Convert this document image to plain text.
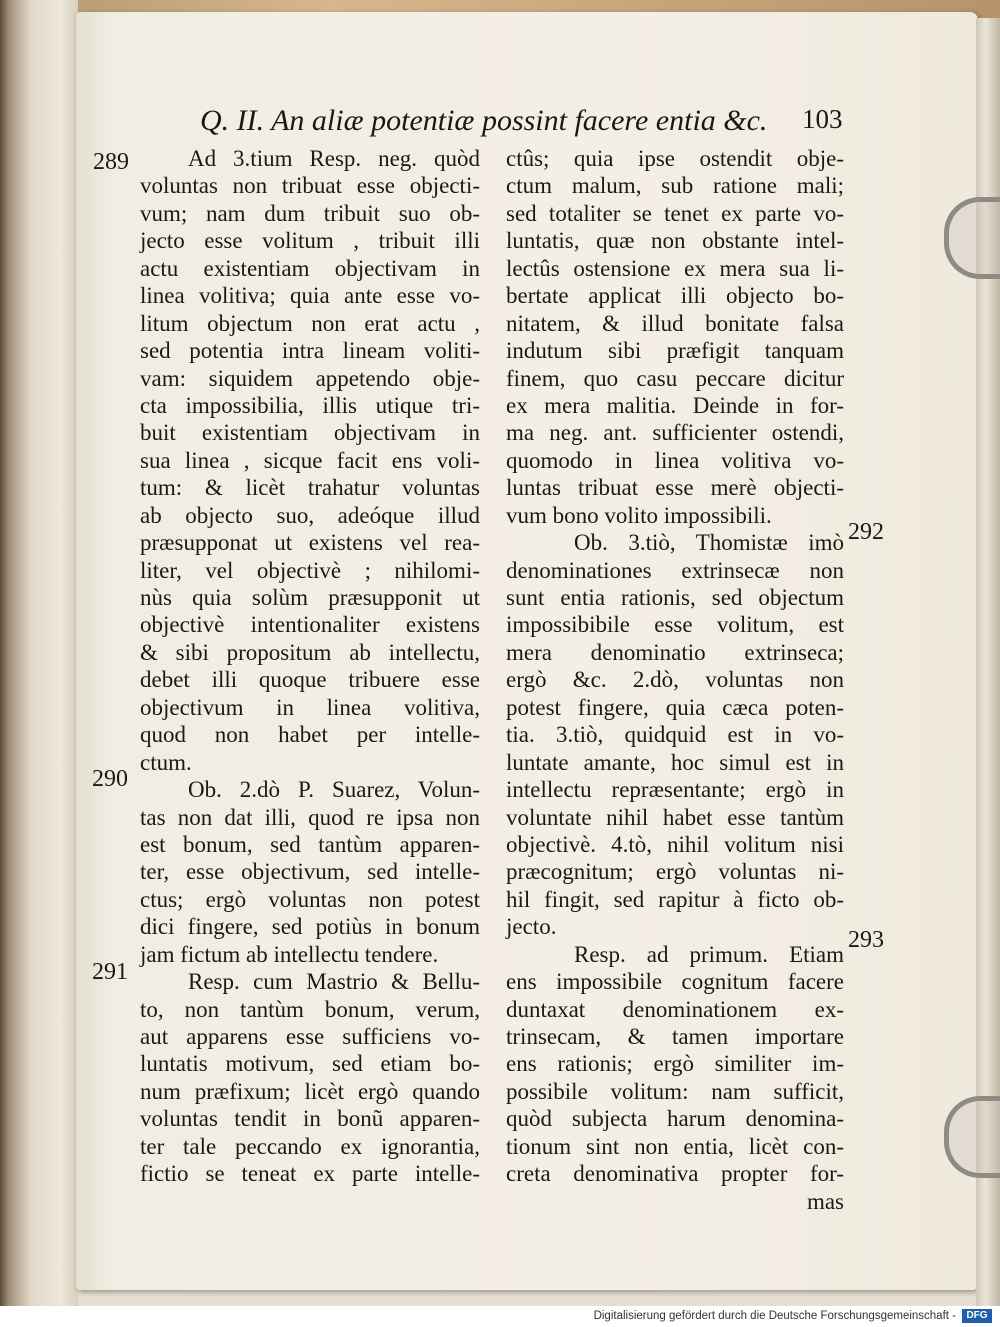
Q. II. An aliæ potentiæ possint facere entia &c. 103
289
290
291
292
293
Ad 3.tium Resp. neg. quòd
voluntas non tribuat esse objecti-
vum; nam dum tribuit suo ob-
jecto esse volitum , tribuit illi
actu existentiam objectivam in
linea volitiva; quia ante esse vo-
litum objectum non erat actu ,
sed potentia intra lineam voliti-
vam: siquidem appetendo obje-
cta impossibilia, illis utique tri-
buit existentiam objectivam in
sua linea , sicque facit ens voli-
tum: & licèt trahatur voluntas
ab objecto suo, adeóque illud
præsupponat ut existens vel rea-
liter, vel objectivè ; nihilomi-
nùs quia solùm præsupponit ut
objectivè intentionaliter existens
& sibi propositum ab intellectu,
debet illi quoque tribuere esse
objectivum in linea volitiva,
quod non habet per intelle-
ctum.
Ob. 2.dò P. Suarez, Volun-
tas non dat illi, quod re ipsa non
est bonum, sed tantùm apparen-
ter, esse objectivum, sed intelle-
ctus; ergò voluntas non potest
dici fingere, sed potiùs in bonum
jam fictum ab intellectu tendere.
Resp. cum Mastrio & Bellu-
to, non tantùm bonum, verum,
aut apparens esse sufficiens vo-
luntatis motivum, sed etiam bo-
num præfixum; licèt ergò quando
voluntas tendit in bonũ apparen-
ter tale peccando ex ignorantia,
fictio se teneat ex parte intelle-
ctûs; quia ipse ostendit obje-
ctum malum, sub ratione mali;
sed totaliter se tenet ex parte vo-
luntatis, quæ non obstante intel-
lectûs ostensione ex mera sua li-
bertate applicat illi objecto bo-
nitatem, & illud bonitate falsa
indutum sibi præfigit tanquam
finem, quo casu peccare dicitur
ex mera malitia. Deinde in for-
ma neg. ant. sufficienter ostendi,
quomodo in linea volitiva vo-
luntas tribuat esse merè objecti-
vum bono volito impossibili.
Ob. 3.tiò, Thomistæ imò
denominationes extrinsecæ non
sunt entia rationis, sed objectum
impossibibile esse volitum, est
mera denominatio extrinseca;
ergò &c. 2.dò, voluntas non
potest fingere, quia cæca poten-
tia. 3.tiò, quidquid est in vo-
luntate amante, hoc simul est in
intellectu repræsentante; ergò in
voluntate nihil habet esse tantùm
objectivè. 4.tò, nihil volitum nisi
præcognitum; ergò voluntas ni-
hil fingit, sed rapitur à ficto ob-
jecto.
Resp. ad primum. Etiam
ens impossibile cognitum facere
duntaxat denominationem ex-
trinsecam, & tamen importare
ens rationis; ergò similiter im-
possibile volitum: nam sufficit,
quòd subjecta harum denomina-
tionum sint non entia, licèt con-
creta denominativa propter for-
mas
Digitalisierung gefördert durch die Deutsche Forschungsgemeinschaft -	DFG
